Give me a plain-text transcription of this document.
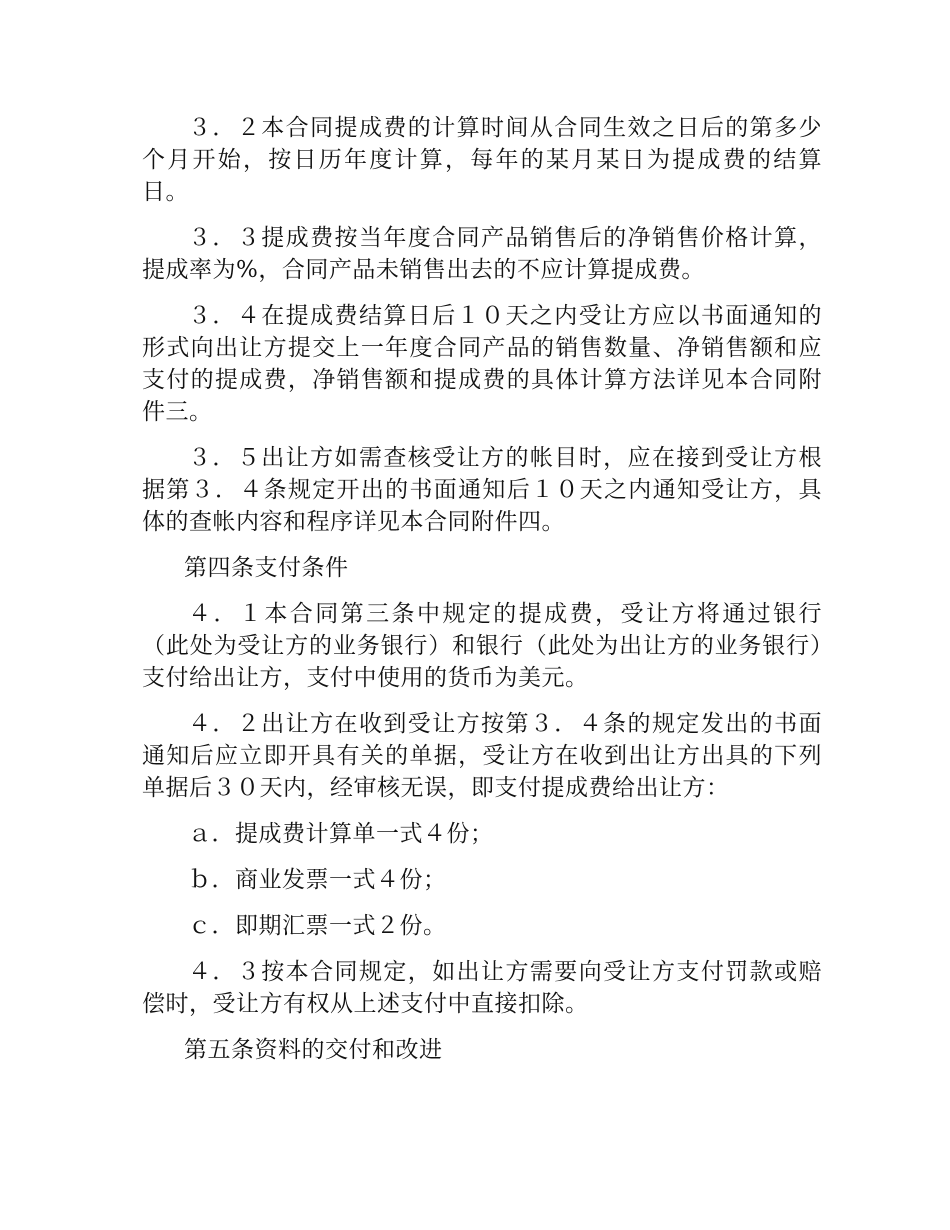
３．２本合同提成费的计算时间从合同生效之日后的第多少个月开始，按日历年度计算，每年的某月某日为提成费的结算日。

３．３提成费按当年度合同产品销售后的净销售价格计算，提成率为%，合同产品未销售出去的不应计算提成费。

３．４在提成费结算日后１０天之内受让方应以书面通知的形式向出让方提交上一年度合同产品的销售数量、净销售额和应支付的提成费，净销售额和提成费的具体计算方法详见本合同附件三。

３．５出让方如需查核受让方的帐目时，应在接到受让方根据第３．４条规定开出的书面通知后１０天之内通知受让方，具体的查帐内容和程序详见本合同附件四。

第四条支付条件

４．１本合同第三条中规定的提成费，受让方将通过银行（此处为受让方的业务银行）和银行（此处为出让方的业务银行）支付给出让方，支付中使用的货币为美元。

４．２出让方在收到受让方按第３．４条的规定发出的书面通知后应立即开具有关的单据，受让方在收到出让方出具的下列单据后３０天内，经审核无误，即支付提成费给出让方：

ａ．提成费计算单一式４份；

ｂ．商业发票一式４份；

ｃ．即期汇票一式２份。

４．３按本合同规定，如出让方需要向受让方支付罚款或赔偿时，受让方有权从上述支付中直接扣除。

第五条资料的交付和改进
